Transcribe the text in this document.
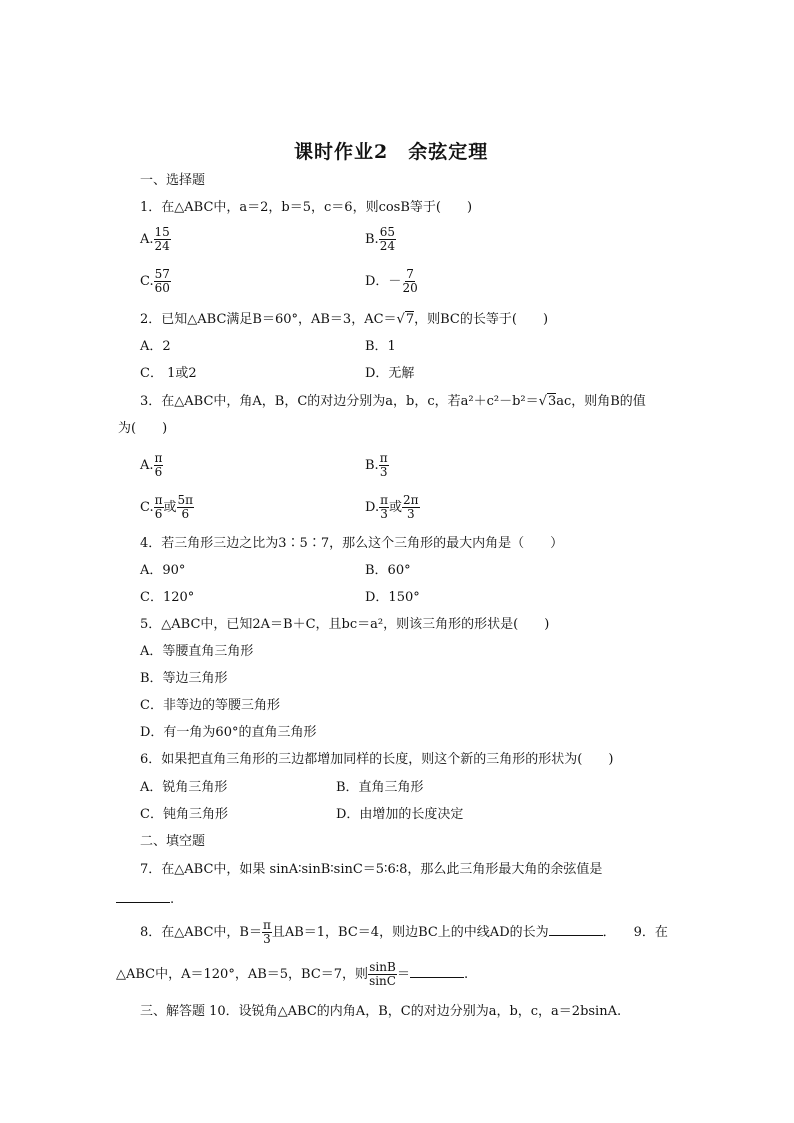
课时作业2　余弦定理
一、选择题
1．在△ABC中，a＝2，b＝5，c＝6，则cosB等于(　　)
A. $\frac{15}{24}$	B. $\frac{65}{24}$
C. $\frac{57}{60}$	D．－ $\frac{7}{20}$
2．已知△ABC满足B＝60°，AB＝3，AC＝√7，则BC的长等于(　　)
A．2	B．1
C． 1或2	D．无解
3．在△ABC中，角A，B，C的对边分别为a，b，c，若a²＋c²－b²＝√3ac，则角B的值
为(　　)
A. $\frac{\pi}{6}$	B. $\frac{\pi}{3}$
C. $\frac{\pi}{6}$ 或 $\frac{5\pi}{6}$	D. $\frac{\pi}{3}$ 或 $\frac{2\pi}{3}$
4．若三角形三边之比为3∶5∶7，那么这个三角形的最大内角是（　　）
A．90°	B．60°
C．120°	D．150°
5．△ABC中，已知2A＝B＋C，且bc＝a²，则该三角形的形状是(　　)
A．等腰直角三角形
B．等边三角形
C．非等边的等腰三角形
D．有一角为60°的直角三角形
6．如果把直角三角形的三边都增加同样的长度，则这个新的三角形的形状为(　　)
A．锐角三角形	B．直角三角形
C．钝角三角形	D．由增加的长度决定
二、填空题
7．在△ABC中，如果 sinA∶sinB∶sinC＝5∶6∶8，那么此三角形最大角的余弦值是
.
8．在△ABC中，$B= \frac{\pi}{3}$ 且AB＝1，BC＝4，则边BC上的中线AD的长为	． 9．在
△ABC中，A＝120°，AB＝5，BC＝7，则 $\frac{\sin B}{\sin C}$ ＝	.
三、解答题 10．设锐角△ABC的内角A，B，C的对边分别为a，b，c，a＝2bsinA.
